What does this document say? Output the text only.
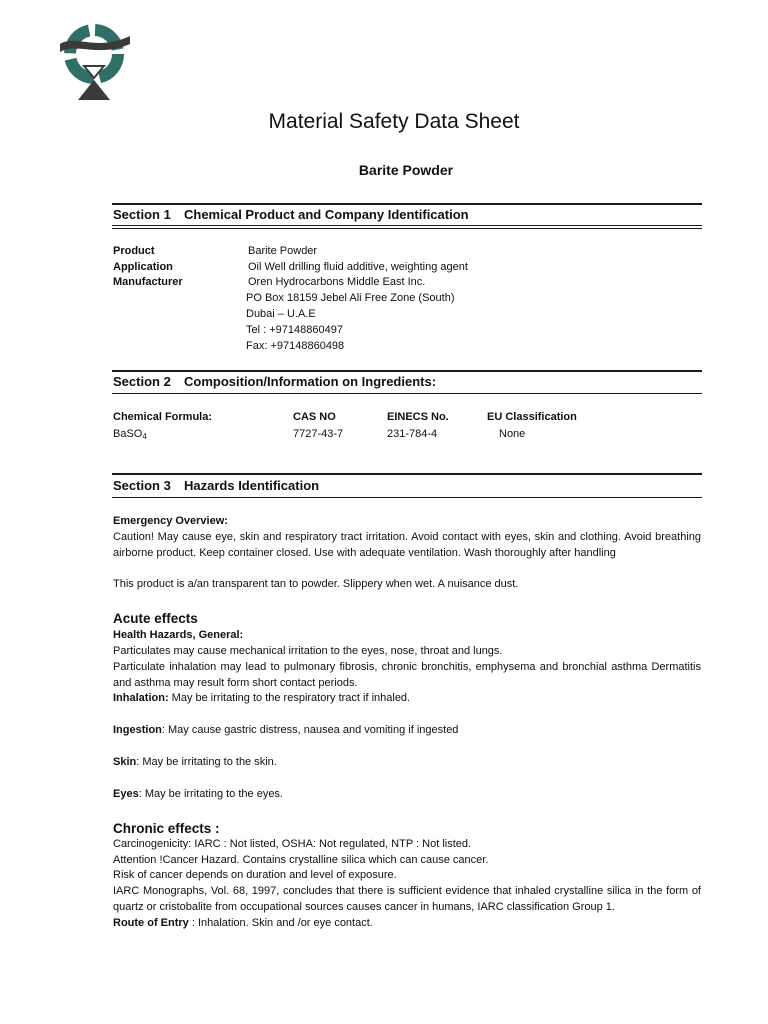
Material Safety Data Sheet
Barite Powder
Section 1 Chemical Product and Company Identification
Product	Barite Powder
Application	Oil Well drilling fluid additive, weighting agent
Manufacturer	Oren Hydrocarbons Middle East Inc.
PO Box 18159 Jebel Ali Free Zone (South)
Dubai – U.A.E
Tel : +97148860497
Fax: +97148860498
Section 2 Composition/Information on Ingredients:
Chemical Formula:	CAS NO	EINECS No.	EU Classification
BaSO$_4$	7727-43-7	231-784-4	None
Section 3 Hazards Identification
Emergency Overview:
Caution! May cause eye, skin and respiratory tract irritation. Avoid contact with eyes, skin and clothing. Avoid breathing airborne product. Keep container closed. Use with adequate ventilation. Wash thoroughly after handling
This product is a/an transparent tan to powder. Slippery when wet. A nuisance dust.
Acute effects
Health Hazards, General:
Particulates may cause mechanical irritation to the eyes, nose, throat and lungs.
Particulate inhalation may lead to pulmonary fibrosis, chronic bronchitis, emphysema and bronchial asthma Dermatitis and asthma may result form short contact periods.
Inhalation: May be irritating to the respiratory tract if inhaled.
Ingestion: May cause gastric distress, nausea and vomiting if ingested
Skin: May be irritating to the skin.
Eyes: May be irritating to the eyes.
Chronic effects :
Carcinogenicity: IARC : Not listed, OSHA: Not regulated, NTP : Not listed.
Attention !Cancer Hazard. Contains crystalline silica which can cause cancer.
Risk of cancer depends on duration and level of exposure.
IARC Monographs, Vol. 68, 1997, concludes that there is sufficient evidence that inhaled crystalline silica in the form of quartz or cristobalite from occupational sources causes cancer in humans, IARC classification Group 1.
Route of Entry : Inhalation. Skin and /or eye contact.
